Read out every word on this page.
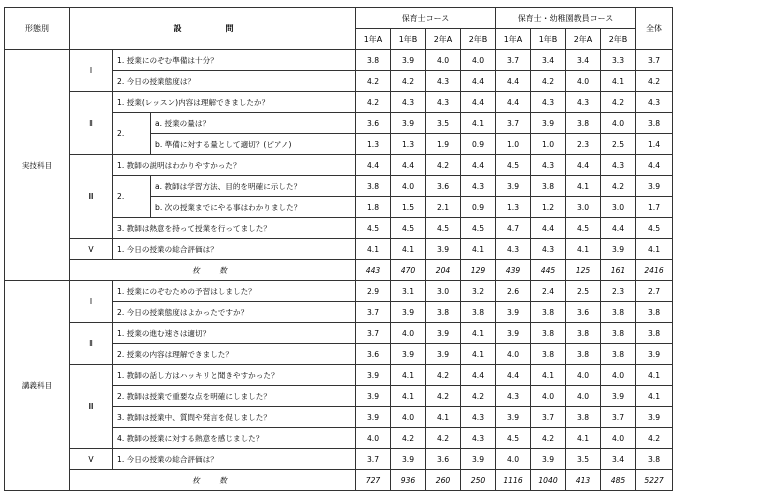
形態別	設　問			保育士コース				保育士・幼稚園教員コース				全体
				1年A	1年B	2年A	2年B	1年A	1年B	2年A	2年B	
実技科目	Ⅰ	1. 授業にのぞむ準備は十分？		3.8	3.9	4.0	4.0	3.7	3.4	3.4	3.3	3.7
		2. 今日の授業態度は？		4.2	4.2	4.3	4.4	4.4	4.2	4.0	4.1	4.2
	Ⅱ	1. 授業(レッスン)内容は理解できましたか？		4.2	4.3	4.3	4.4	4.4	4.3	4.3	4.2	4.3
		2.	a. 授業の量は？	3.6	3.9	3.5	4.1	3.7	3.9	3.8	4.0	3.8
			b. 準備に対する量として適切？(ピアノ)	1.3	1.3	1.9	0.9	1.0	1.0	2.3	2.5	1.4
	Ⅲ	1. 教師の説明はわかりやすかった？		4.4	4.4	4.2	4.4	4.5	4.3	4.4	4.3	4.4
		2.	a. 教師は学習方法、目的を明確に示した？	3.8	4.0	3.6	4.3	3.9	3.8	4.1	4.2	3.9
			b. 次の授業までにやる事はわかりました？	1.8	1.5	2.1	0.9	1.3	1.2	3.0	3.0	1.7
		3. 教師は熱意を持って授業を行ってました？		4.5	4.5	4.5	4.5	4.7	4.4	4.5	4.4	4.5
	Ⅴ	1. 今日の授業の総合評価は？		4.1	4.1	3.9	4.1	4.3	4.3	4.1	3.9	4.1
	枚　数			443	470	204	129	439	445	125	161	2416

講義科目	Ⅰ	1. 授業にのぞむための予習はしました？		2.9	3.1	3.0	3.2	2.6	2.4	2.5	2.3	2.7
		2. 今日の授業態度はよかったですか？		3.7	3.9	3.8	3.8	3.9	3.8	3.6	3.8	3.8
	Ⅱ	1. 授業の進む速さは適切？		3.7	4.0	3.9	4.1	3.9	3.8	3.8	3.8	3.8
		2. 授業の内容は理解できました？		3.6	3.9	3.9	4.1	4.0	3.8	3.8	3.8	3.9
	Ⅲ	1. 教師の話し方はハッキリと聞きやすかった？		3.9	4.1	4.2	4.4	4.4	4.1	4.0	4.0	4.1
		2. 教師は授業で重要な点を明確にしました？		3.9	4.1	4.2	4.2	4.3	4.0	4.0	3.9	4.1
		3. 教師は授業中、質問や発言を促しました？		3.9	4.0	4.1	4.3	3.9	3.7	3.8	3.7	3.9
		4. 教師の授業に対する熱意を感じました？		4.0	4.2	4.2	4.3	4.5	4.2	4.1	4.0	4.2
	Ⅴ	1. 今日の授業の総合評価は？		3.7	3.9	3.6	3.9	4.0	3.9	3.5	3.4	3.8
	枚　数			727	936	260	250	1116	1040	413	485	5227
